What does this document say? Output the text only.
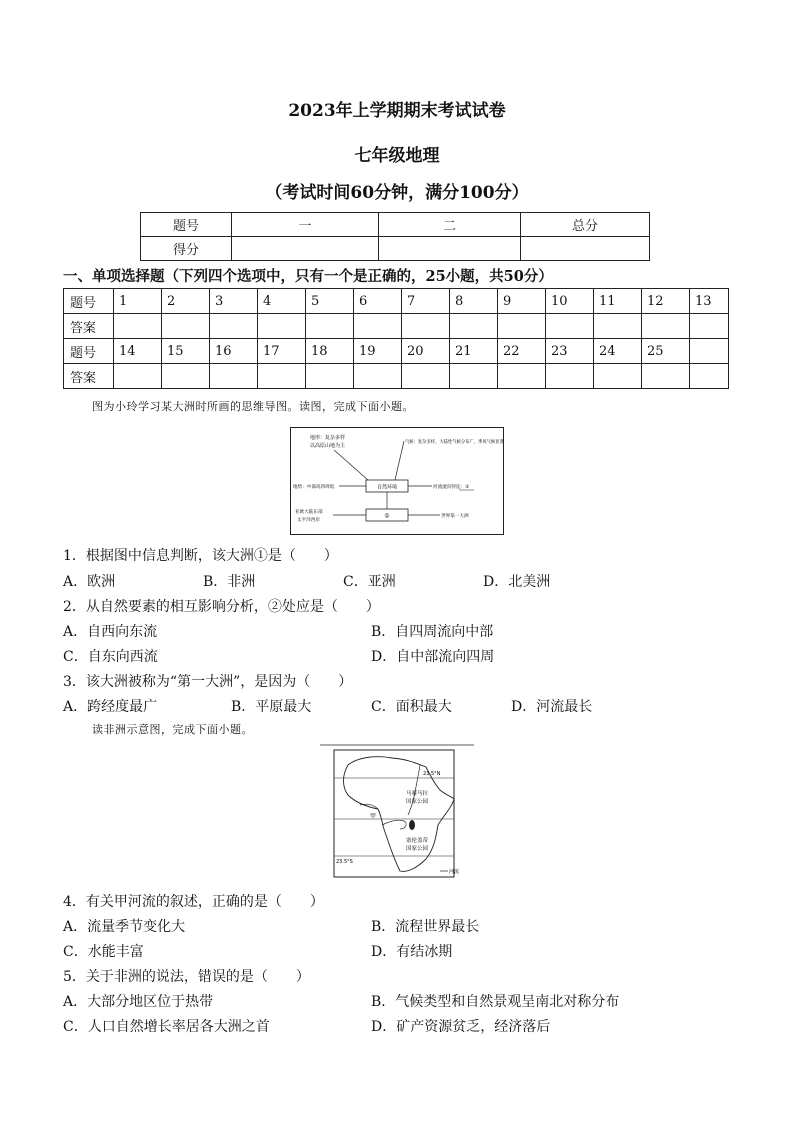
2023年上学期期末考试试卷
七年级地理
（考试时间60分钟，满分100分）
题号	一	二	总分
得分			
一、单项选择题（下列四个选项中，只有一个是正确的，25小题，共50分）
题号	1	2	3	4	5	6	7	8	9	10	11	12	13
答案													
题号	14	15	16	17	18	19	20	21	22	23	24	25	
答案													
图为小玲学习某大洲时所画的思维导图。读图，完成下面小题。
地形：复杂多样
以高原山地为主
气候：复杂多样，大陆性气候分布广，季风气候显著
自然环境
地势：中部高四周低	河流流向特征：②
①
亚欧大陆东部
太平洋西岸
世界第一大洲
1．根据图中信息判断，该大洲①是（　　）
A．欧洲	B．非洲	C．亚洲	D．北美洲
2．从自然要素的相互影响分析，②处应是（　　）
A．自西向东流	B．自四周流向中部
C．自东向西流	D．自中部流向四周
3．该大洲被称为“第一大洲”，是因为（　　）
A．跨经度最广	B．平原最大	C．面积最大	D．河流最长
读非洲示意图，完成下面小题。
23.5°N
23.5°S
马赛马拉
国家公园
塞伦盖蒂
国家公园
甲
河流
4．有关甲河流的叙述，正确的是（　　）
A．流量季节变化大	B．流程世界最长
C．水能丰富	D．有结冰期
5．关于非洲的说法，错误的是（　　）
A．大部分地区位于热带	B．气候类型和自然景观呈南北对称分布
C．人口自然增长率居各大洲之首	D．矿产资源贫乏，经济落后
